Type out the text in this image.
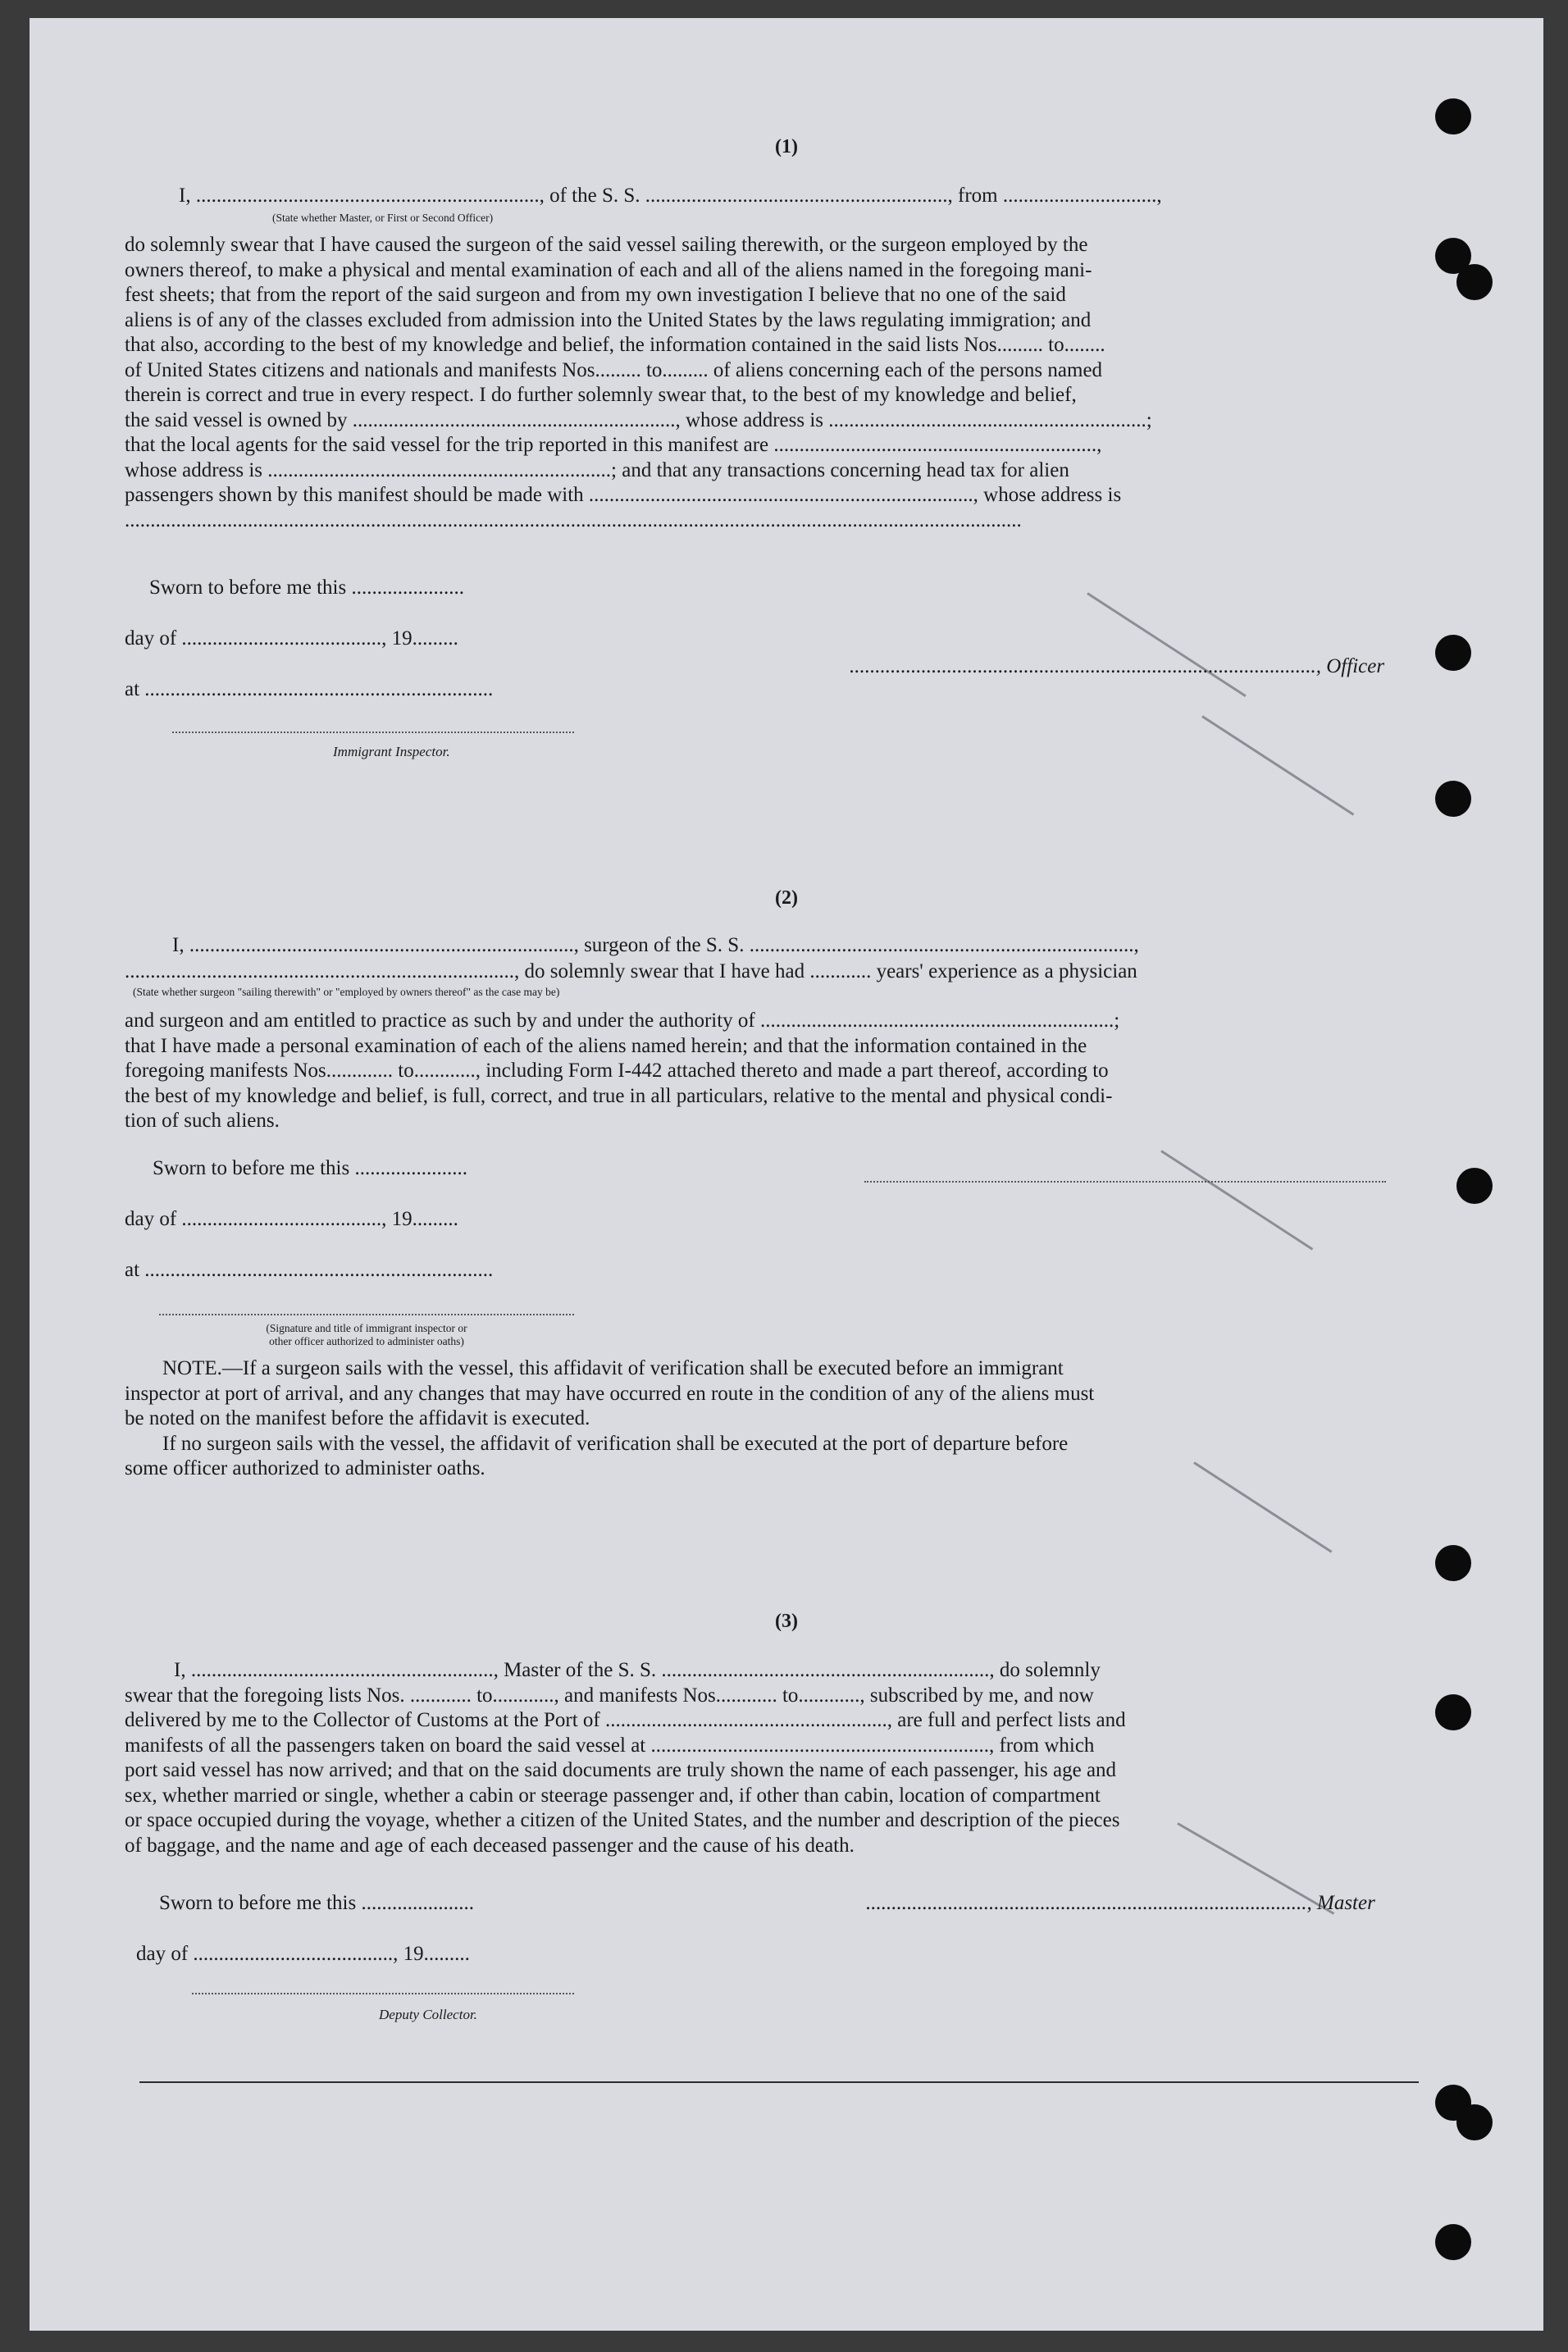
(1)
I, ..................................................................., of the S. S. ..........................................................., from ..............................,
(State whether Master, or First or Second Officer)
do solemnly swear that I have caused the surgeon of the said vessel sailing therewith, or the surgeon employed by the
owners thereof, to make a physical and mental examination of each and all of the aliens named in the foregoing mani-
fest sheets; that from the report of the said surgeon and from my own investigation I believe that no one of the said
aliens is of any of the classes excluded from admission into the United States by the laws regulating immigration; and
that also, according to the best of my knowledge and belief, the information contained in the said lists Nos......... to........
of United States citizens and nationals and manifests Nos......... to......... of aliens concerning each of the persons named
therein is correct and true in every respect. I do further solemnly swear that, to the best of my knowledge and belief,
the said vessel is owned by ..............................................................., whose address is ..............................................................;
that the local agents for the said vessel for the trip reported in this manifest are ...............................................................,
whose address is ...................................................................; and that any transactions concerning head tax for alien
passengers shown by this manifest should be made with ..........................................................................., whose address is
...............................................................................................................................................................................
Sworn to before me this ......................
day of ......................................., 19.........
at ....................................................................
..........................................................................................., Officer
Immigrant Inspector.
(2)
I, ..........................................................................., surgeon of the S. S. ...........................................................................,
............................................................................, do solemnly swear that I have had ............ years' experience as a physician
(State whether surgeon "sailing therewith" or "employed by owners thereof" as the case may be)
and surgeon and am entitled to practice as such by and under the authority of .....................................................................;
that I have made a personal examination of each of the aliens named herein; and that the information contained in the
foregoing manifests Nos............. to............, including Form I-442 attached thereto and made a part thereof, according to
the best of my knowledge and belief, is full, correct, and true in all particulars, relative to the mental and physical condi-
tion of such aliens.
Sworn to before me this ......................
day of ......................................., 19.........
at ....................................................................
(Signature and title of immigrant inspector or
other officer authorized to administer oaths)
NOTE.—If a surgeon sails with the vessel, this affidavit of verification shall be executed before an immigrant
inspector at port of arrival, and any changes that may have occurred en route in the condition of any of the aliens must
be noted on the manifest before the affidavit is executed.
If no surgeon sails with the vessel, the affidavit of verification shall be executed at the port of departure before
some officer authorized to administer oaths.
(3)
I, ..........................................................., Master of the S. S. ................................................................, do solemnly
swear that the foregoing lists Nos. ............ to............, and manifests Nos............ to............, subscribed by me, and now
delivered by me to the Collector of Customs at the Port of ......................................................., are full and perfect lists and
manifests of all the passengers taken on board the said vessel at .................................................................., from which
port said vessel has now arrived; and that on the said documents are truly shown the name of each passenger, his age and
sex, whether married or single, whether a cabin or steerage passenger and, if other than cabin, location of compartment
or space occupied during the voyage, whether a citizen of the United States, and the number and description of the pieces
of baggage, and the name and age of each deceased passenger and the cause of his death.
Sworn to before me this ......................
day of ......................................., 19.........
......................................................................................, Master
Deputy Collector.
